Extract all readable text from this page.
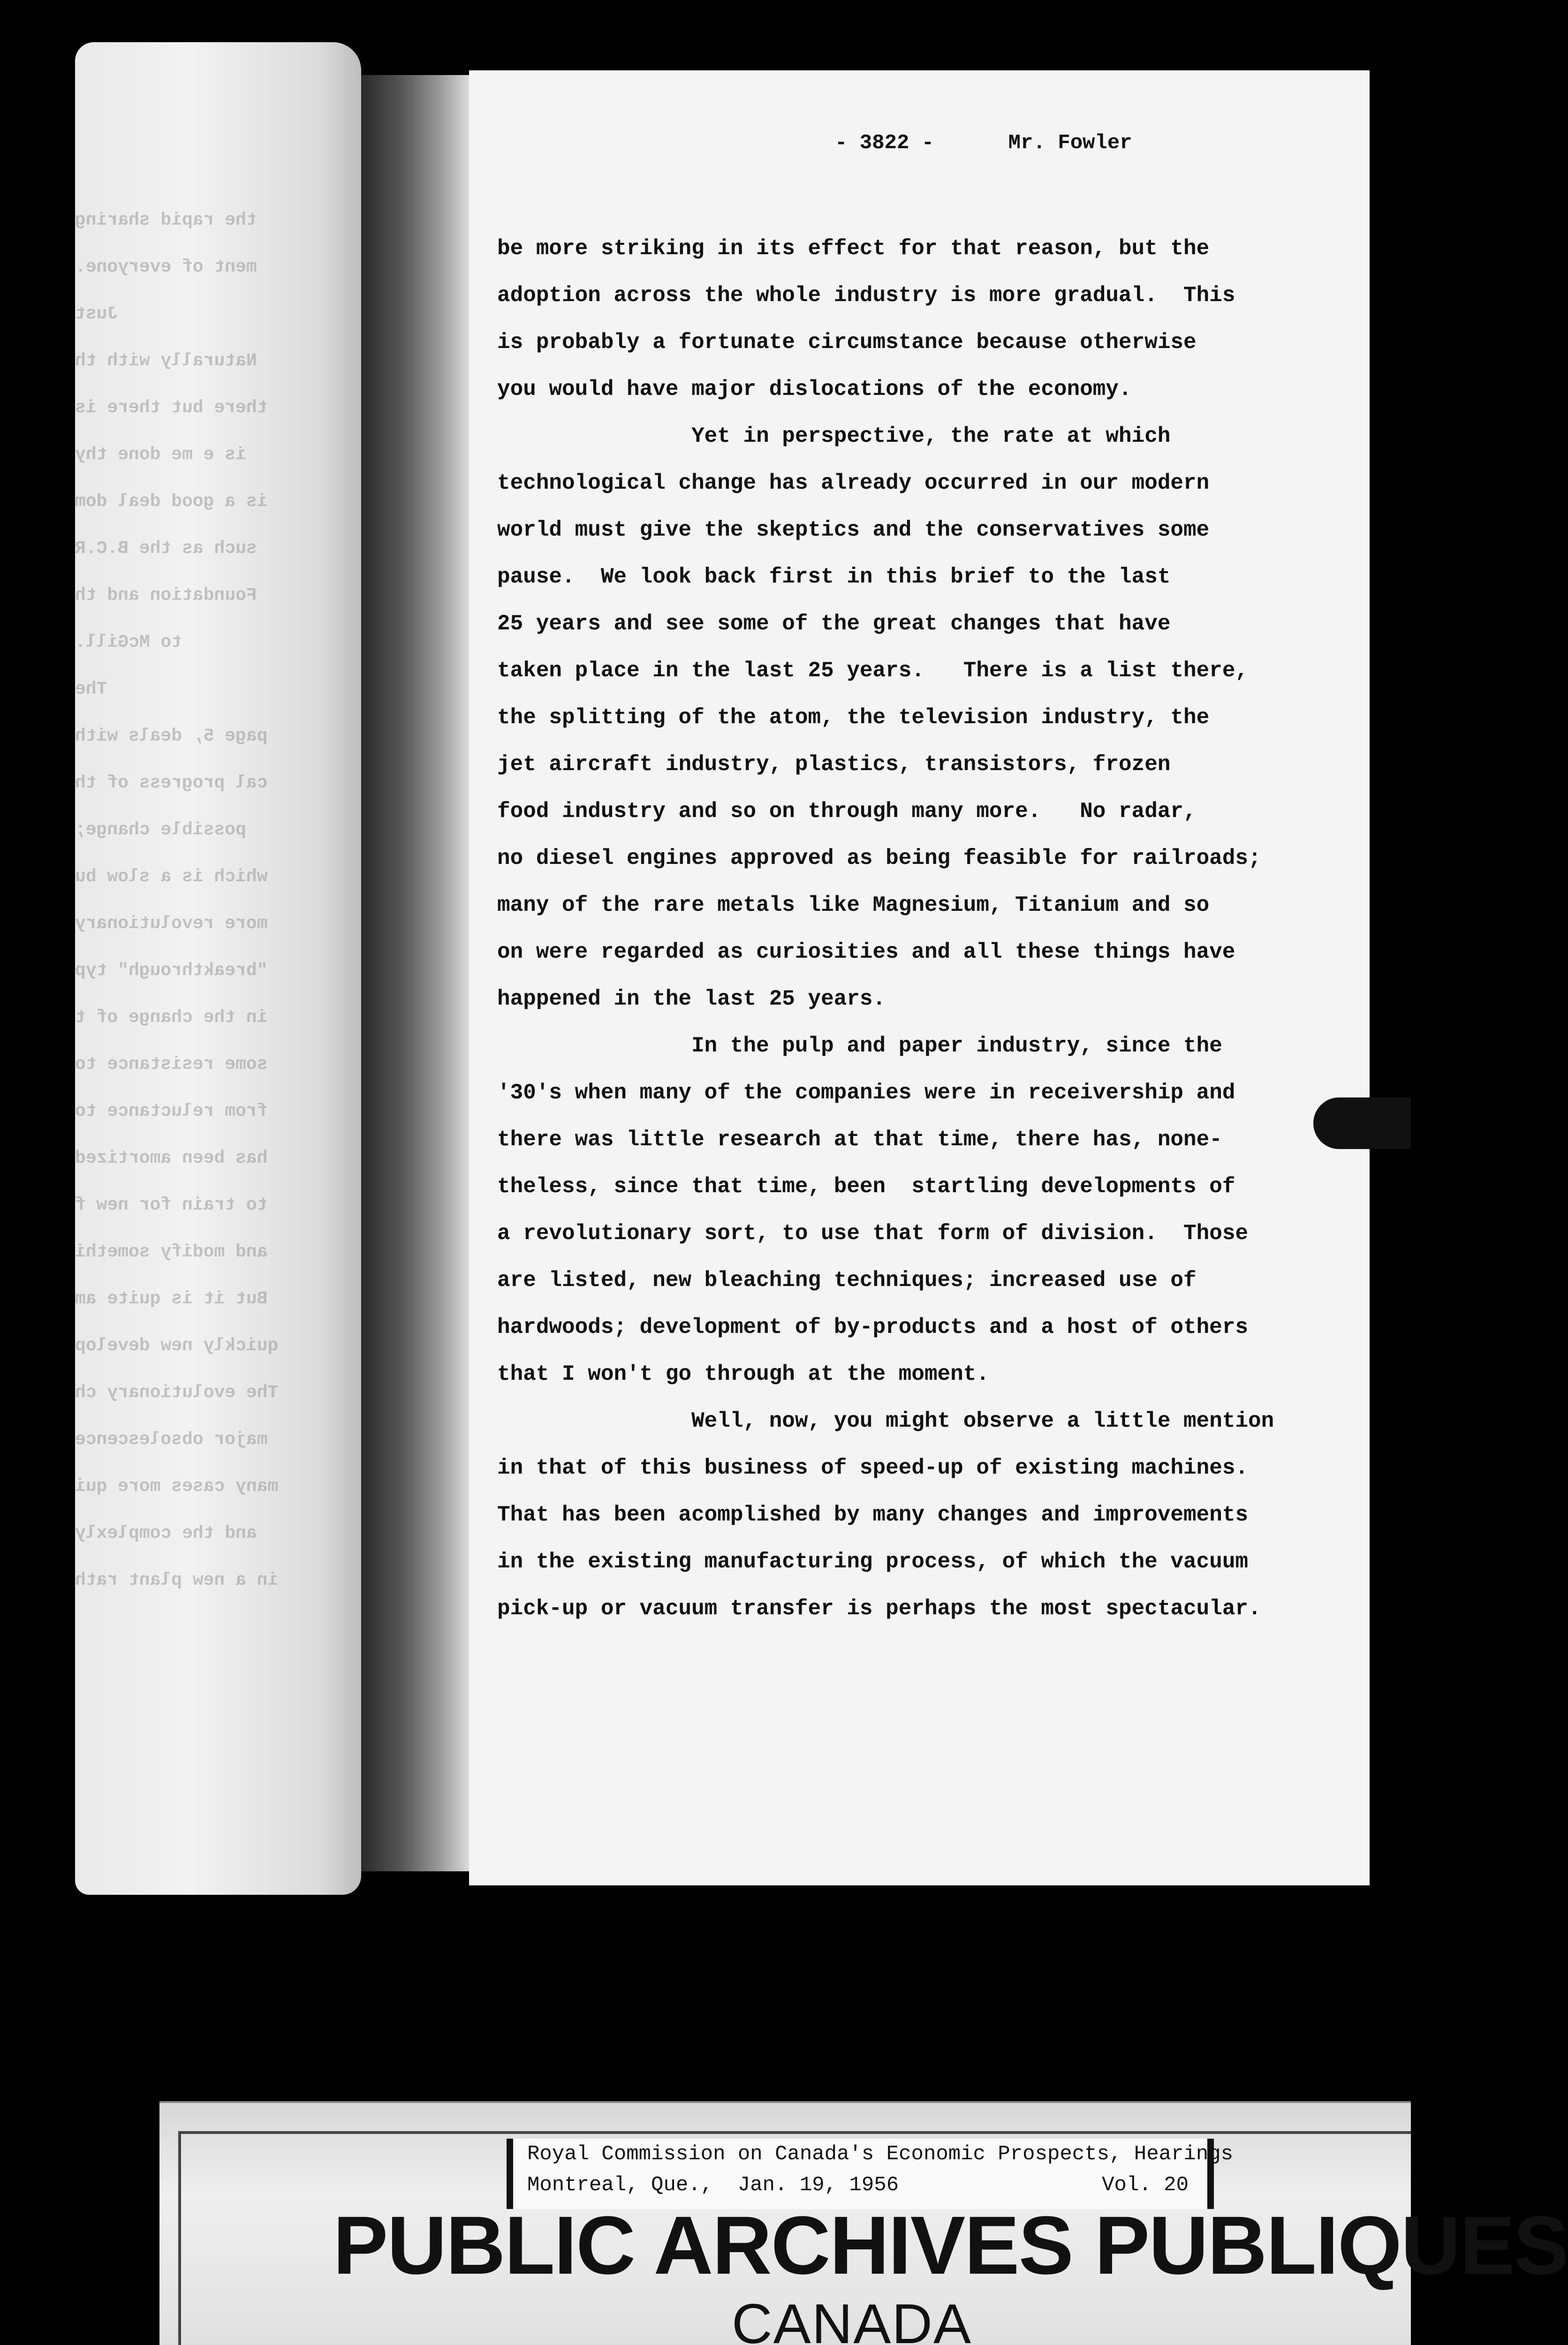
the rapid sharing
ment of everyone.
Just
Naturally with th
there but there is
is e me done thy
is a good deal dom
such as the B.C.R
Foundation and th
to McGill.
The
page 5, deals with
cal progress of th
possible change;
which is a slow bu
more revolutionary
"breakthrough" typ
in the change of t
some resistance to
from reluctance to
has been amortized
to train for new f
and modify somethi
But it is quite am
quickly new develop
The evolutionary ch
major obsolescence
many cases more qui
and the complexly
in a new plant rath
- 3822 -	Mr. Fowler
be more striking in its effect for that reason, but the
adoption across the whole industry is more gradual.  This
is probably a fortunate circumstance because otherwise
you would have major dislocations of the economy.
Yet in perspective, the rate at which
technological change has already occurred in our modern
world must give the skeptics and the conservatives some
pause.  We look back first in this brief to the last
25 years and see some of the great changes that have
taken place in the last 25 years.   There is a list there,
the splitting of the atom, the television industry, the
jet aircraft industry, plastics, transistors, frozen
food industry and so on through many more.   No radar,
no diesel engines approved as being feasible for railroads;
many of the rare metals like Magnesium, Titanium and so
on were regarded as curiosities and all these things have
happened in the last 25 years.
In the pulp and paper industry, since the
'30's when many of the companies were in receivership and
there was little research at that time, there has, none-
theless, since that time, been  startling developments of
a revolutionary sort, to use that form of division.  Those
are listed, new bleaching techniques; increased use of
hardwoods; development of by-products and a host of others
that I won't go through at the moment.
Well, now, you might observe a little mention
in that of this business of speed-up of existing machines.
That has been acomplished by many changes and improvements
in the existing manufacturing process, of which the vacuum
pick-up or vacuum transfer is perhaps the most spectacular.
Royal Commission on Canada's Economic Prospects, Hearings
Montreal, Que.,  Jan. 19, 1956	Vol. 20
PUBLIC ARCHIVES PUBLIQUES
CANADA
